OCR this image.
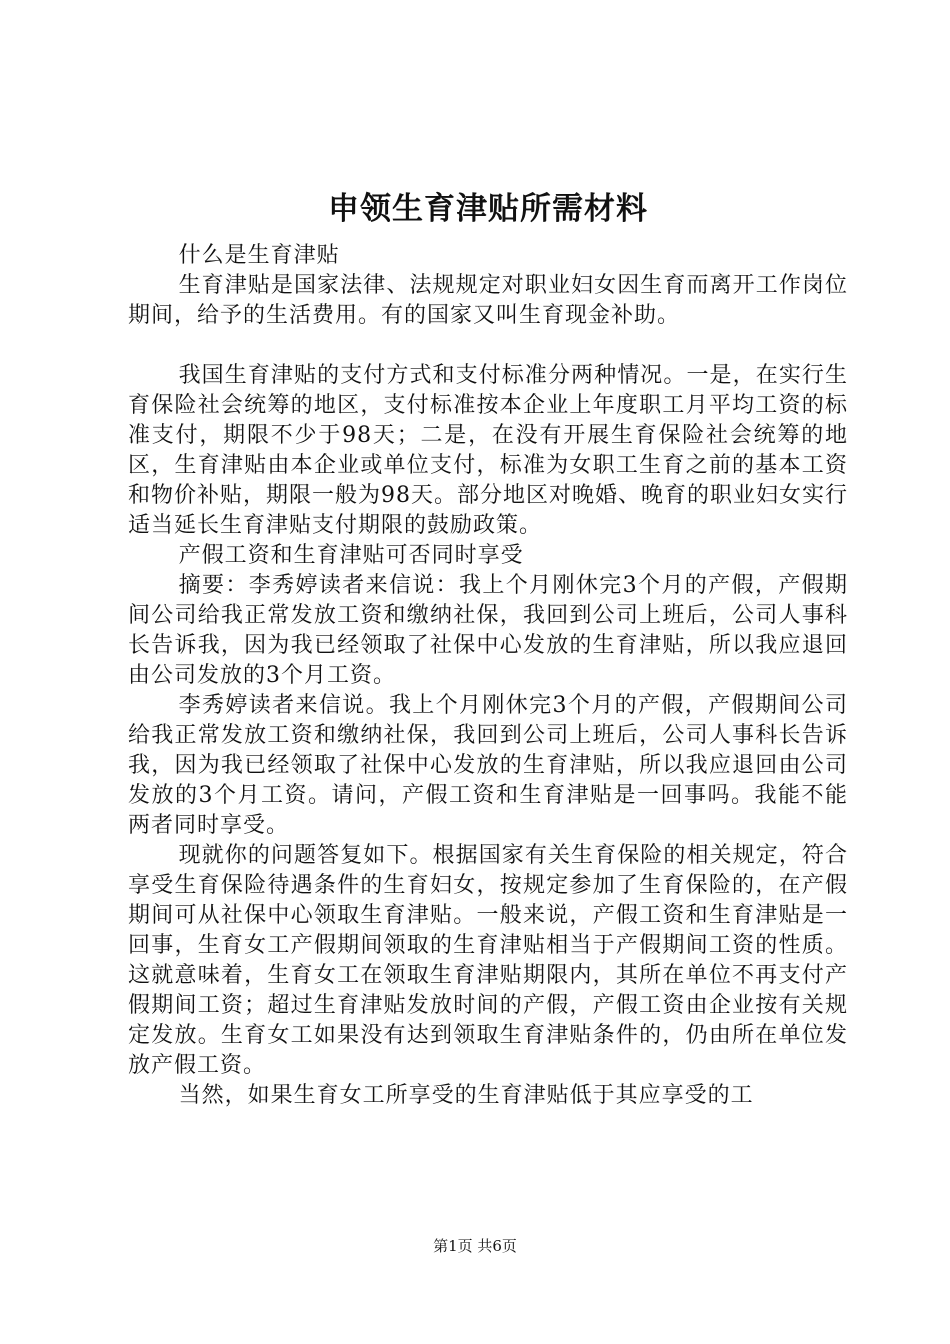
申领生育津贴所需材料

什么是生育津贴

生育津贴是国家法律、法规规定对职业妇女因生育而离开工作岗位期间，给予的生活费用。有的国家又叫生育现金补助。

我国生育津贴的支付方式和支付标准分两种情况。一是，在实行生育保险社会统筹的地区，支付标准按本企业上年度职工月平均工资的标准支付，期限不少于98天；二是，在没有开展生育保险社会统筹的地区，生育津贴由本企业或单位支付，标准为女职工生育之前的基本工资和物价补贴，期限一般为98天。部分地区对晚婚、晚育的职业妇女实行适当延长生育津贴支付期限的鼓励政策。

产假工资和生育津贴可否同时享受

摘要：李秀婷读者来信说：我上个月刚休完3个月的产假，产假期间公司给我正常发放工资和缴纳社保，我回到公司上班后，公司人事科长告诉我，因为我已经领取了社保中心发放的生育津贴，所以我应退回由公司发放的3个月工资。

李秀婷读者来信说。我上个月刚休完3个月的产假，产假期间公司给我正常发放工资和缴纳社保，我回到公司上班后，公司人事科长告诉我，因为我已经领取了社保中心发放的生育津贴，所以我应退回由公司发放的3个月工资。请问，产假工资和生育津贴是一回事吗。我能不能两者同时享受。

现就你的问题答复如下。根据国家有关生育保险的相关规定，符合享受生育保险待遇条件的生育妇女，按规定参加了生育保险的，在产假期间可从社保中心领取生育津贴。一般来说，产假工资和生育津贴是一回事，生育女工产假期间领取的生育津贴相当于产假期间工资的性质。这就意味着，生育女工在领取生育津贴期限内，其所在单位不再支付产假期间工资；超过生育津贴发放时间的产假，产假工资由企业按有关规定发放。生育女工如果没有达到领取生育津贴条件的，仍由所在单位发放产假工资。

当然，如果生育女工所享受的生育津贴低于其应享受的工

第1页 共6页
